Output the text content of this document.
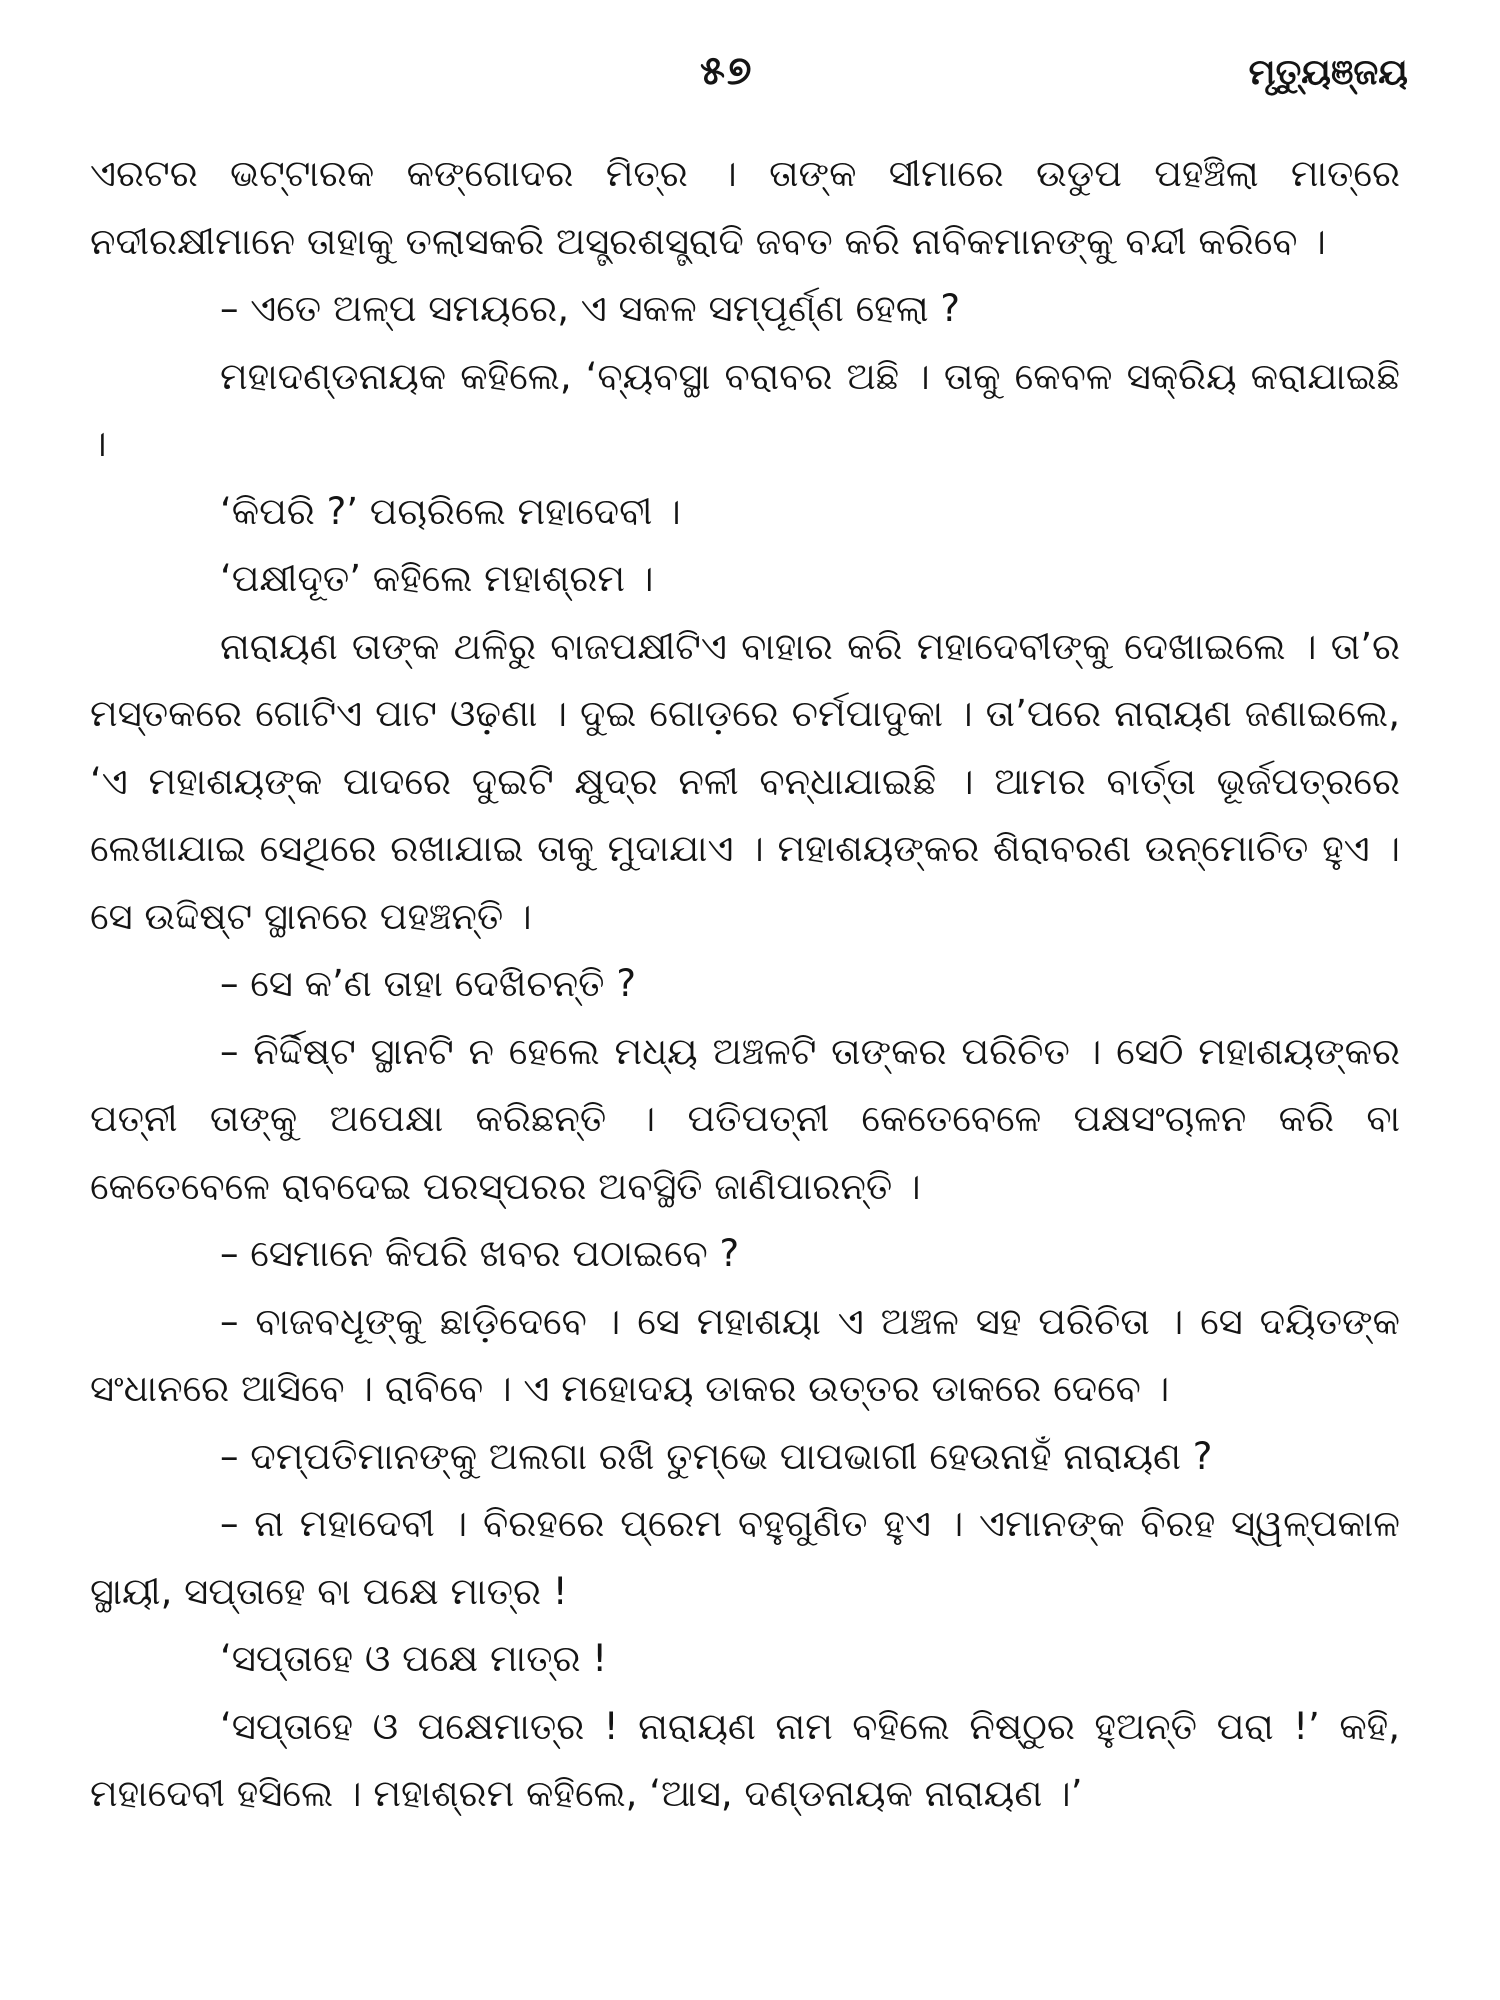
୫୭	ମୃତ୍ୟୁଞ୍ଜୟ

ଏରଟର ଭଟ୍ଟାରକ କଙ୍ଗୋଦର ମିତ୍ର । ତାଙ୍କ ସୀମାରେ ଉଡୁପ ପହଞ୍ଚିଲା ମାତ୍ରେ ନଦୀରକ୍ଷୀମାନେ ତାହାକୁ ତଲାସକରି ଅସ୍ତ୍ରଶସ୍ତ୍ରାଦି ଜବତ କରି ନାବିକମାନଙ୍କୁ ବନ୍ଦୀ କରିବେ ।

– ଏତେ ଅଳ୍ପ ସମୟରେ, ଏ ସକଳ ସମ୍ପୂର୍ଣ୍ଣ ହେଲା ?

ମହାଦଣ୍ଡନାୟକ କହିଲେ, ‘ବ୍ୟବସ୍ଥା ବରାବର ଅଛି । ତାକୁ କେବଳ ସକ୍ରିୟ କରାଯାଇଛି ।

‘କିପରି ?’ ପଚାରିଲେ ମହାଦେବୀ ।

‘ପକ୍ଷୀଦୂତ’ କହିଲେ ମହାଶ୍ରମ ।

ନାରାୟଣ ତାଙ୍କ ଥଳିରୁ ବାଜପକ୍ଷୀଟିଏ ବାହାର କରି ମହାଦେବୀଙ୍କୁ ଦେଖାଇଲେ । ତା’ର ମସ୍ତକରେ ଗୋଟିଏ ପାଟ ଓଢ଼ଣା । ଦୁଇ ଗୋଡ଼ରେ ଚର୍ମପାଦୁକା । ତା’ପରେ ନାରାୟଣ ଜଣାଇଲେ, ‘ଏ ମହାଶୟଙ୍କ ପାଦରେ ଦୁଇଟି କ୍ଷୁଦ୍ର ନଳୀ ବନ୍ଧାଯାଇଛି । ଆମର ବାର୍ତ୍ତା ଭୂର୍ଜପତ୍ରରେ ଲେଖାଯାଇ ସେଥିରେ ରଖାଯାଇ ତାକୁ ମୁଦାଯାଏ । ମହାଶୟଙ୍କର ଶିରାବରଣ ଉନ୍ମୋଚିତ ହୁଏ । ସେ ଉଦ୍ଦିଷ୍ଟ ସ୍ଥାନରେ ପହଞ୍ଚନ୍ତି ।

– ସେ କ’ଣ ତାହା ଦେଖିଚନ୍ତି ?

– ନିର୍ଦ୍ଦିଷ୍ଟ ସ୍ଥାନଟି ନ ହେଲେ ମଧ୍ୟ ଅଞ୍ଚଳଟି ତାଙ୍କର ପରିଚିତ । ସେଠି ମହାଶୟଙ୍କର ପତ୍ନୀ ତାଙ୍କୁ ଅପେକ୍ଷା କରିଛନ୍ତି । ପତିପତ୍ନୀ କେତେବେଳେ ପକ୍ଷସଂଚାଳନ କରି ବା କେତେବେଳେ ରାବଦେଇ ପରସ୍ପରର ଅବସ୍ଥିତି ଜାଣିପାରନ୍ତି ।

– ସେମାନେ କିପରି ଖବର ପଠାଇବେ ?

– ବାଜବଧୂଙ୍କୁ ଛାଡ଼ିଦେବେ । ସେ ମହାଶୟା ଏ ଅଞ୍ଚଳ ସହ ପରିଚିତା । ସେ ଦୟିତଙ୍କ ସଂଧାନରେ ଆସିବେ । ରାବିବେ । ଏ ମହୋଦୟ ଡାକର ଉତ୍ତର ଡାକରେ ଦେବେ ।

– ଦମ୍ପତିମାନଙ୍କୁ ଅଲଗା ରଖି ତୁମ୍ଭେ ପାପଭାଗୀ ହେଉନାହଁ ନାରାୟଣ ?

– ନା ମହାଦେବୀ । ବିରହରେ ପ୍ରେମ ବହୁଗୁଣିତ ହୁଏ । ଏମାନଙ୍କ ବିରହ ସ୍ୱଳ୍ପକାଳ ସ୍ଥାୟୀ, ସପ୍ତାହେ ବା ପକ୍ଷେ ମାତ୍ର !

‘ସପ୍ତାହେ ଓ ପକ୍ଷେ ମାତ୍ର !

‘ସପ୍ତାହେ ଓ ପକ୍ଷେମାତ୍ର ! ନାରାୟଣ ନାମ ବହିଲେ ନିଷ୍ଠୁର ହୁଅନ୍ତି ପରା !’ କହି, ମହାଦେବୀ ହସିଲେ । ମହାଶ୍ରମ କହିଲେ, ‘ଆସ, ଦଣ୍ଡନାୟକ ନାରାୟଣ ।’
